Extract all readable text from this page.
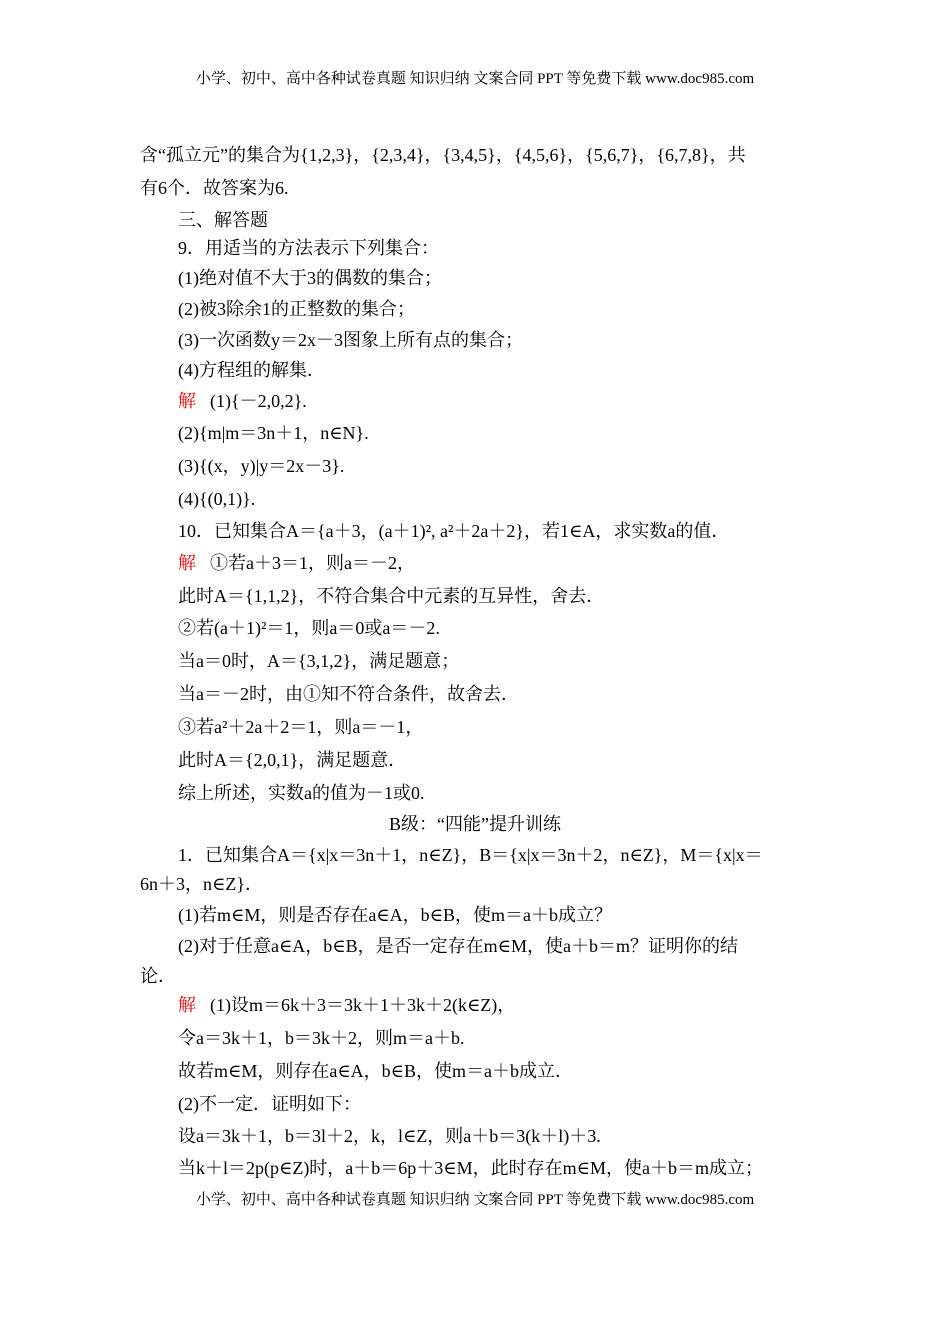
小学、初中、高中各种试卷真题 知识归纳 文案合同 PPT 等免费下载 www.doc985.com
含“孤立元”的集合为{1,2,3}，{2,3,4}，{3,4,5}，{4,5,6}，{5,6,7}，{6,7,8}，共
有6个．故答案为6.
三、解答题
9．用适当的方法表示下列集合：
(1)绝对值不大于3的偶数的集合；
(2)被3除余1的正整数的集合；
(3)一次函数y＝2x－3图象上所有点的集合；
(4)方程组的解集．
解 (1){－2,0,2}.
(2){m|m＝3n＋1，n∈N}.
(3){(x，y)|y＝2x－3}.
(4){(0,1)}.
10．已知集合A＝{a＋3，(a＋1)², a²＋2a＋2}，若1∈A，求实数a的值．
解 ①若a＋3＝1，则a＝－2，
此时A＝{1,1,2}，不符合集合中元素的互异性，舍去．
②若(a＋1)²＝1，则a＝0或a＝－2.
当a＝0时，A＝{3,1,2}，满足题意；
当a＝－2时，由①知不符合条件，故舍去．
③若a²＋2a＋2＝1，则a＝－1，
此时A＝{2,0,1}，满足题意．
综上所述，实数a的值为－1或0.
B级：“四能”提升训练
1．已知集合A＝{x|x＝3n＋1，n∈Z}，B＝{x|x＝3n＋2，n∈Z}，M＝{x|x＝
6n＋3，n∈Z}．
(1)若m∈M，则是否存在a∈A，b∈B，使m＝a＋b成立？
(2)对于任意a∈A，b∈B，是否一定存在m∈M，使a＋b＝m？证明你的结
论．
解 (1)设m＝6k＋3＝3k＋1＋3k＋2(k∈Z)，
令a＝3k＋1，b＝3k＋2，则m＝a＋b.
故若m∈M，则存在a∈A，b∈B，使m＝a＋b成立．
(2)不一定．证明如下：
设a＝3k＋1，b＝3l＋2，k，l∈Z，则a＋b＝3(k＋l)＋3.
当k＋l＝2p(p∈Z)时，a＋b＝6p＋3∈M，此时存在m∈M，使a＋b＝m成立；
小学、初中、高中各种试卷真题 知识归纳 文案合同 PPT 等免费下载 www.doc985.com
